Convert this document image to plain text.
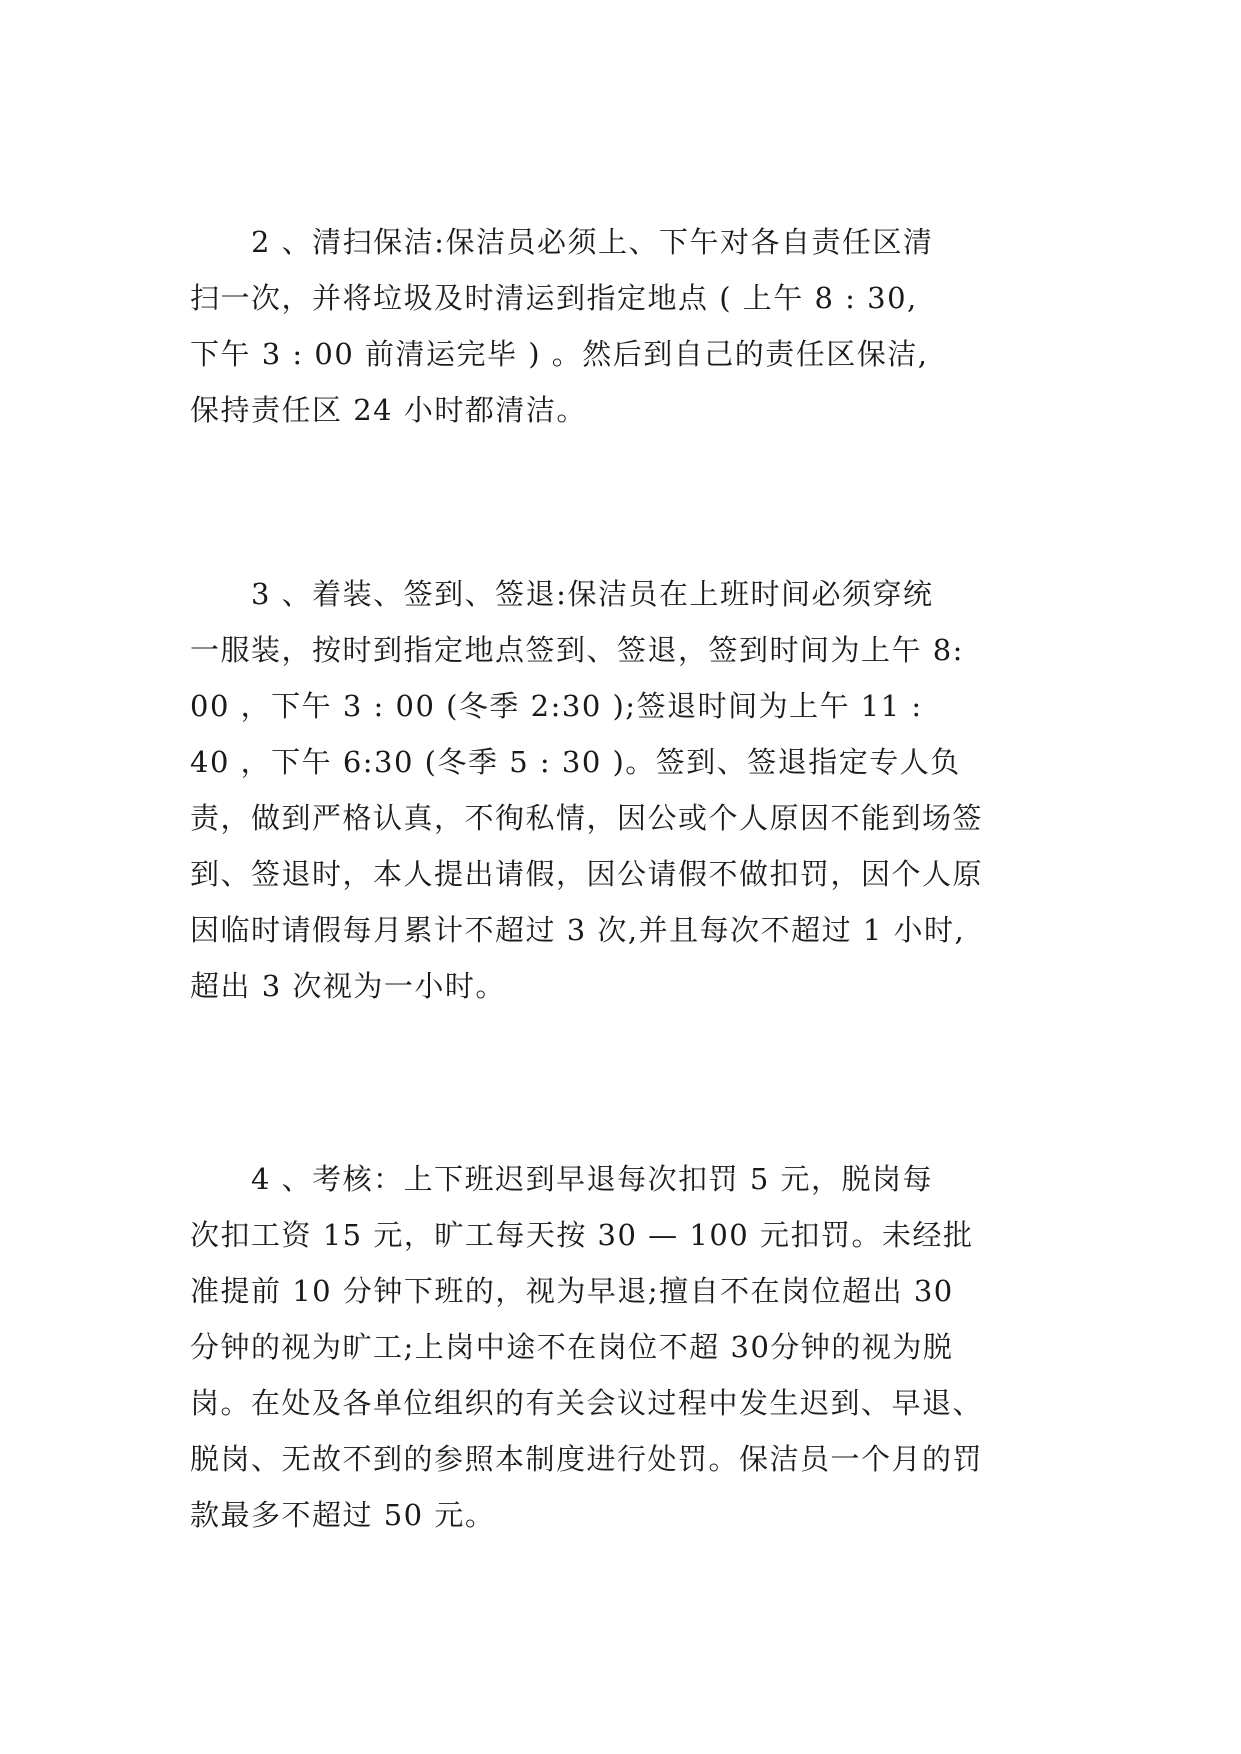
　　2 、清扫保洁:保洁员必须上、下午对各自责任区清
扫一次，并将垃圾及时清运到指定地点 ( 上午 8 : 30,
下午 3 : 00 前清运完毕 ) 。然后到自己的责任区保洁,
保持责任区 24 小时都清洁。
　　3 、着装、签到、签退:保洁员在上班时间必须穿统
一服装，按时到指定地点签到、签退，签到时间为上午 8:
00 ，下午 3 : 00 (冬季 2:30 );签退时间为上午 11 :
40 ，下午 6:30 (冬季 5 : 30 )。签到、签退指定专人负
责，做到严格认真，不徇私情，因公或个人原因不能到场签
到、签退时，本人提出请假，因公请假不做扣罚，因个人原
因临时请假每月累计不超过 3 次,并且每次不超过 1 小时,
超出 3 次视为一小时。
　　4 、考核：上下班迟到早退每次扣罚 5 元，脱岗每
次扣工资 15 元，旷工每天按 30 — 100 元扣罚。未经批
准提前 10 分钟下班的，视为早退;擅自不在岗位超出 30
分钟的视为旷工;上岗中途不在岗位不超 30分钟的视为脱
岗。在处及各单位组织的有关会议过程中发生迟到、早退、
脱岗、无故不到的参照本制度进行处罚。保洁员一个月的罚
款最多不超过 50 元。
